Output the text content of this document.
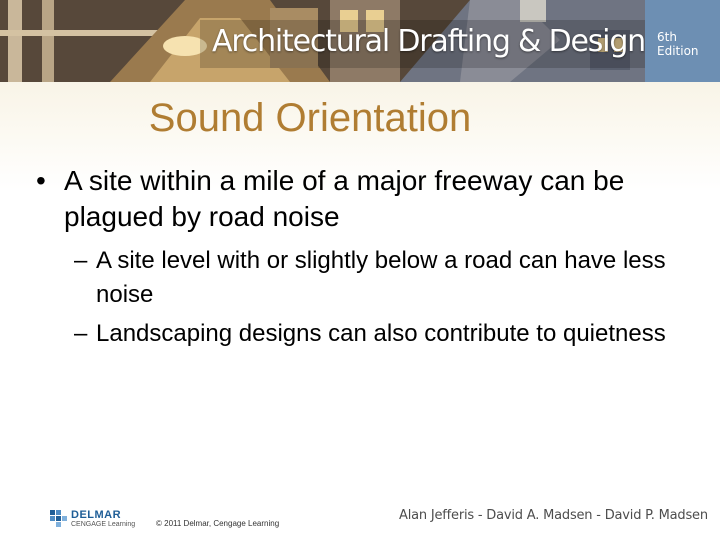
Architectural Drafting & Design 6th
Edition
Sound Orientation
• A site within a mile of a major freeway can be plagued by road noise
– A site level with or slightly below a road can have less noise
– Landscaping designs can also contribute to quietness
DELMAR
CENGAGE Learning	© 2011 Delmar, Cengage Learning
Alan Jefferis - David A. Madsen - David P. Madsen
